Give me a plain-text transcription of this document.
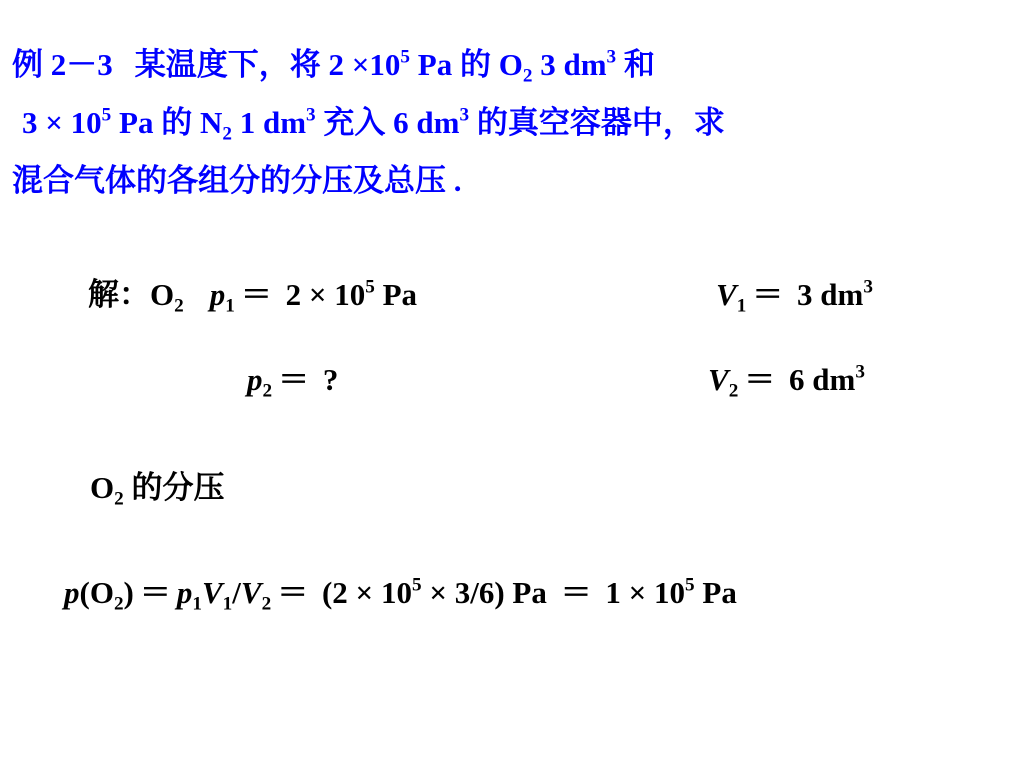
例 2－3 某温度下，将 $2 \times 10^5$ Pa 的 $O_2$ 3 $dm^3$ 和
$3 \times 10^5$ Pa 的 $N_2$ 1 $dm^3$ 充入 6 $dm^3$ 的真空容器中，求
混合气体的各组分的分压及总压 .
解：$O_2$ $p_1 = 2 \times 10^5$ Pa	$V_1 = 3$ $dm^3$
$p_2$ ＝ ?	$V_2 = 6$ $dm^3$
$O_2$ 的分压
$p(O_2) = p_1V_1/V_2 = (2 \times 10^5 \times 3/6) Pa = 1 \times 10^5$ Pa
